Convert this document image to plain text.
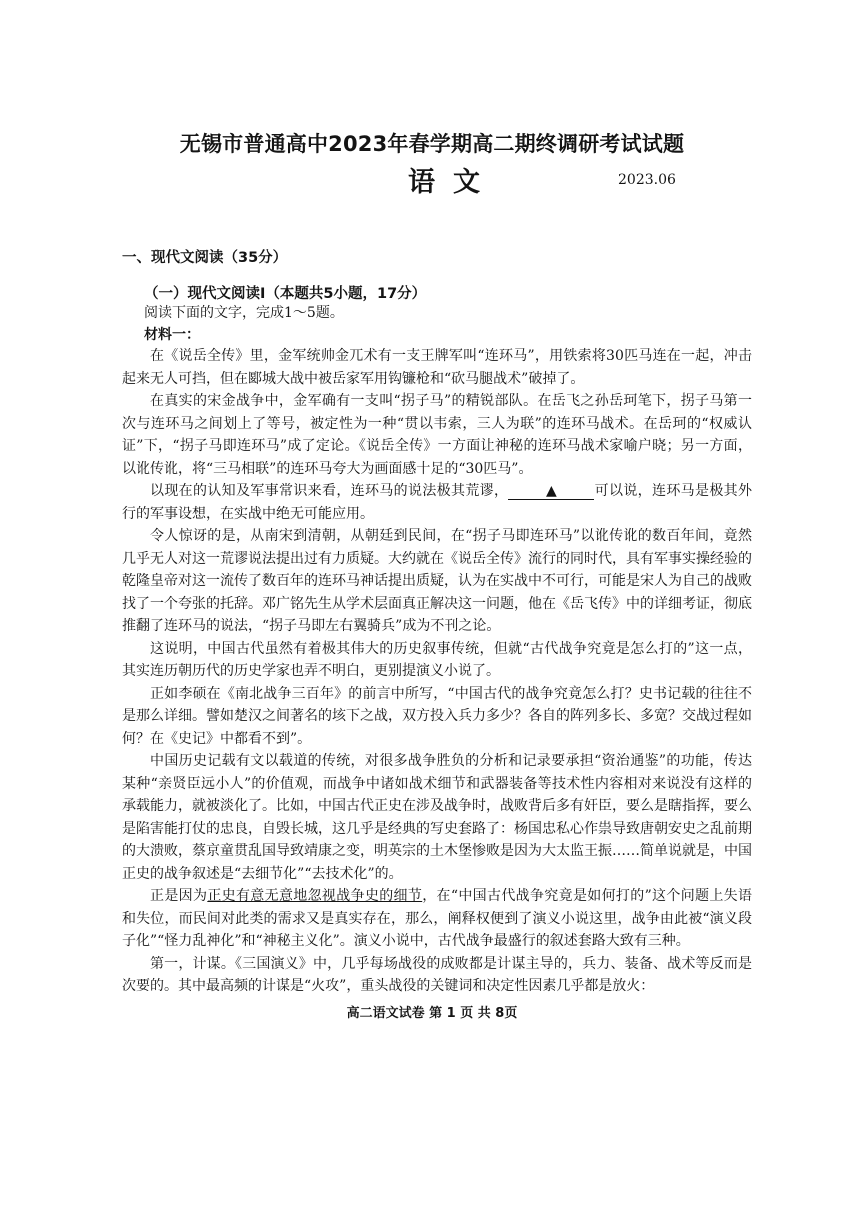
无锡市普通高中2023年春学期高二期终调研考试试题
语文	2023.06
一、现代文阅读（35分）
（一）现代文阅读Ⅰ（本题共5小题，17分）
阅读下面的文字，完成1～5题。
材料一：

在《说岳全传》里，金军统帅金兀术有一支王牌军叫“连环马”，用铁索将30匹马连在一起，冲击起来无人可挡，但在郾城大战中被岳家军用钩镰枪和“砍马腿战术”破掉了。

在真实的宋金战争中，金军确有一支叫“拐子马”的精锐部队。在岳飞之孙岳珂笔下，拐子马第一次与连环马之间划上了等号，被定性为一种“贯以韦索，三人为联”的连环马战术。在岳珂的“权威认证”下，“拐子马即连环马”成了定论。《说岳全传》一方面让神秘的连环马战术家喻户晓；另一方面，以讹传讹，将“三马相联”的连环马夸大为画面感十足的“30匹马”。

以现在的认知及军事常识来看，连环马的说法极其荒谬，	▲	可以说，连环马是极其外行的军事设想，在实战中绝无可能应用。

令人惊讶的是，从南宋到清朝，从朝廷到民间，在“拐子马即连环马”以讹传讹的数百年间，竟然几乎无人对这一荒谬说法提出过有力质疑。大约就在《说岳全传》流行的同时代，具有军事实操经验的乾隆皇帝对这一流传了数百年的连环马神话提出质疑，认为在实战中不可行，可能是宋人为自己的战败找了一个夸张的托辞。邓广铭先生从学术层面真正解决这一问题，他在《岳飞传》中的详细考证，彻底推翻了连环马的说法，“拐子马即左右翼骑兵”成为不刊之论。

这说明，中国古代虽然有着极其伟大的历史叙事传统，但就“古代战争究竟是怎么打的”这一点，其实连历朝历代的历史学家也弄不明白，更别提演义小说了。

正如李硕在《南北战争三百年》的前言中所写，“中国古代的战争究竟怎么打？史书记载的往往不是那么详细。譬如楚汉之间著名的垓下之战，双方投入兵力多少？各自的阵列多长、多宽？交战过程如何？在《史记》中都看不到”。

中国历史记载有文以载道的传统，对很多战争胜负的分析和记录要承担“资治通鉴”的功能，传达某种“亲贤臣远小人”的价值观，而战争中诸如战术细节和武器装备等技术性内容相对来说没有这样的承载能力，就被淡化了。比如，中国古代正史在涉及战争时，战败背后多有奸臣，要么是瞎指挥，要么是陷害能打仗的忠良，自毁长城，这几乎是经典的写史套路了：杨国忠私心作祟导致唐朝安史之乱前期的大溃败，蔡京童贯乱国导致靖康之变，明英宗的土木堡惨败是因为大太监王振……简单说就是，中国正史的战争叙述是“去细节化”“去技术化”的。

正是因为正史有意无意地忽视战争史的细节，在“中国古代战争究竟是如何打的”这个问题上失语和失位，而民间对此类的需求又是真实存在，那么，阐释权便到了演义小说这里，战争由此被“演义段子化”“怪力乱神化”和“神秘主义化”。演义小说中，古代战争最盛行的叙述套路大致有三种。

第一，计谋。《三国演义》中，几乎每场战役的成败都是计谋主导的，兵力、装备、战术等反而是次要的。其中最高频的计谋是“火攻”，重头战役的关键词和决定性因素几乎都是放火：

高二语文试卷 第 1 页 共 8页
